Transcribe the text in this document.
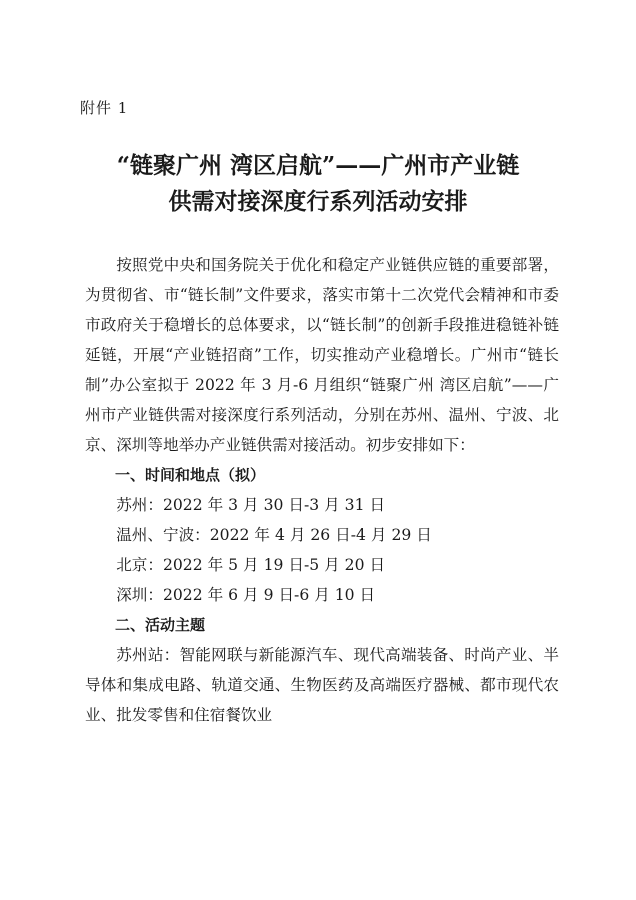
附件 1
“链聚广州 湾区启航”——广州市产业链
供需对接深度行系列活动安排

按照党中央和国务院关于优化和稳定产业链供应链的重要部署，为贯彻省、市“链长制”文件要求，落实市第十二次党代会精神和市委市政府关于稳增长的总体要求，以“链长制”的创新手段推进稳链补链延链，开展“产业链招商”工作，切实推动产业稳增长。广州市“链长制”办公室拟于 2022 年 3 月-6 月组织“链聚广州 湾区启航”——广州市产业链供需对接深度行系列活动，分别在苏州、温州、宁波、北京、深圳等地举办产业链供需对接活动。初步安排如下：

一、时间和地点（拟）
苏州：2022 年 3 月 30 日-3 月 31 日
温州、宁波：2022 年 4 月 26 日-4 月 29 日
北京：2022 年 5 月 19 日-5 月 20 日
深圳：2022 年 6 月 9 日-6 月 10 日
二、活动主题

苏州站：智能网联与新能源汽车、现代高端装备、时尚产业、半导体和集成电路、轨道交通、生物医药及高端医疗器械、都市现代农业、批发零售和住宿餐饮业
